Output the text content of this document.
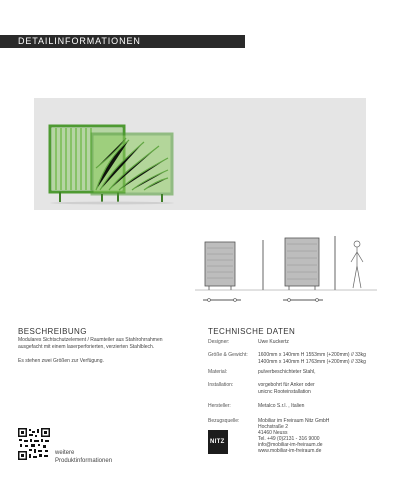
DETAILINFORMATIONEN
BESCHREIBUNG
Modulares Sichtschutzelement / Raumteiler aus Stahlrohrrahmen
ausgefacht mit einem laserperforierten, verzierten Stahlblech.
Es stehen zwei Größen zur Verfügung.
TECHNISCHE DATEN
Designer:	Uwe Kuckertz
Größe & Gewicht: 1600mm x 140mm H 1553mm (+200mm) // 33kg
1400mm x 140mm H 1763mm (+200mm) // 33kg
Material:	pulverbeschichteter Stahl,
Installation:	vorgebohrt für Anker oder
unicnc Rooteinstallation
Hersteller:	Metalco S.r.l. , Italien
Bezugsquelle:	Mobiliar im Freiraum Nitz GmbH
Hochstraße 2
41460 Neuss
Tel. +49 (0)2131 - 316 9000
info@mobiliar-im-freiraum.de
www.mobiliar-im-freiraum.de
NITZ
weitere
Produktinformationen
